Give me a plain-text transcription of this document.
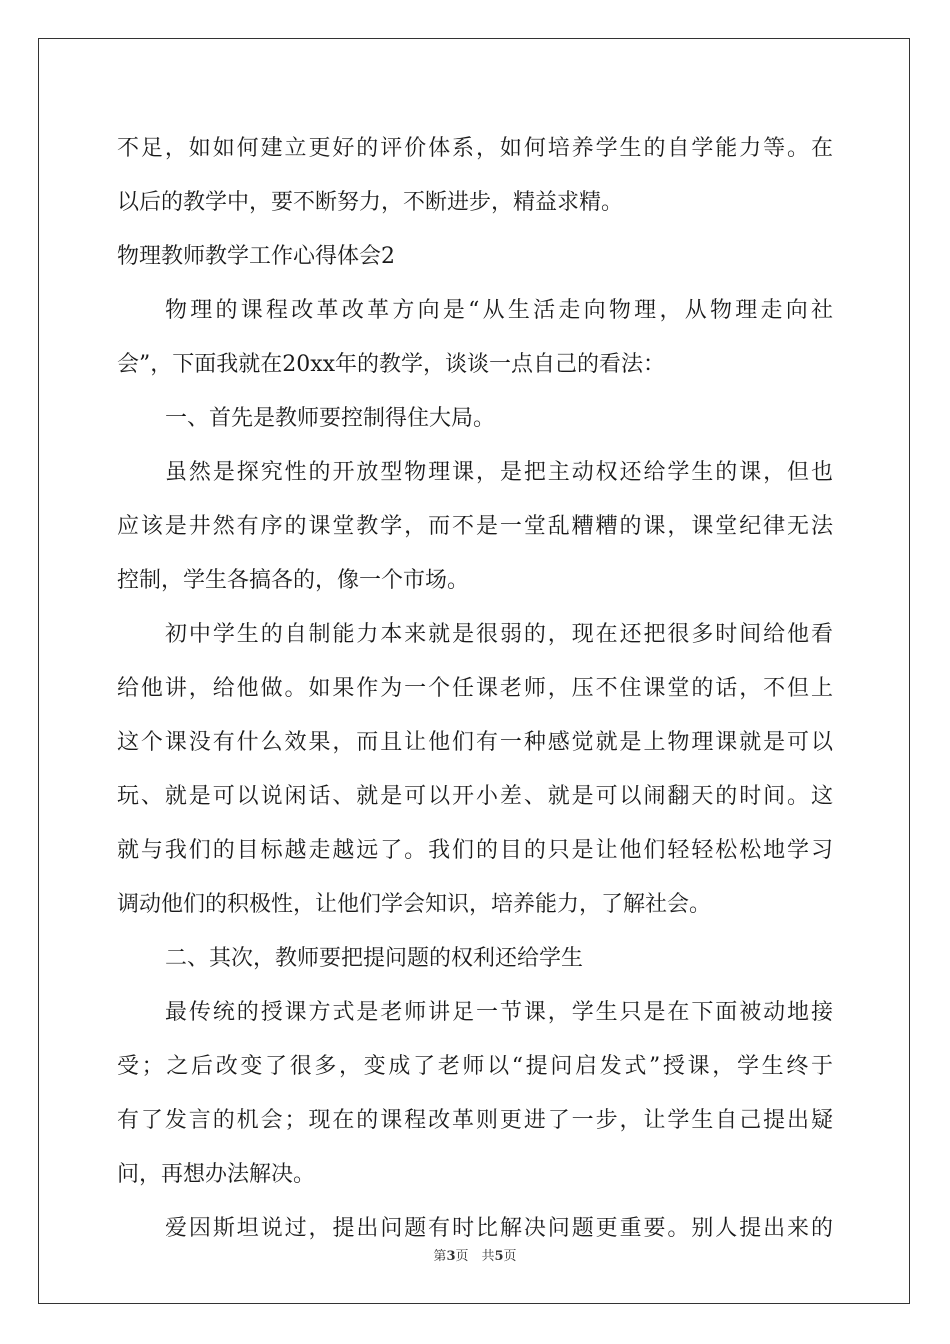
不足，如如何建立更好的评价体系，如何培养学生的自学能力等。在

以后的教学中，要不断努力，不断进步，精益求精。

物理教师教学工作心得体会2

物理的课程改革改革方向是“从生活走向物理，从物理走向社

会”，下面我就在20xx年的教学，谈谈一点自己的看法：

一、首先是教师要控制得住大局。

虽然是探究性的开放型物理课，是把主动权还给学生的课，但也

应该是井然有序的课堂教学，而不是一堂乱糟糟的课，课堂纪律无法

控制，学生各搞各的，像一个市场。

初中学生的自制能力本来就是很弱的，现在还把很多时间给他看

给他讲，给他做。如果作为一个任课老师，压不住课堂的话，不但上

这个课没有什么效果，而且让他们有一种感觉就是上物理课就是可以

玩、就是可以说闲话、就是可以开小差、就是可以闹翻天的时间。这

就与我们的目标越走越远了。我们的目的只是让他们轻轻松松地学习

调动他们的积极性，让他们学会知识，培养能力，了解社会。

二、其次，教师要把提问题的权利还给学生

最传统的授课方式是老师讲足一节课，学生只是在下面被动地接

受；之后改变了很多，变成了老师以“提问启发式”授课，学生终于

有了发言的机会；现在的课程改革则更进了一步，让学生自己提出疑

问，再想办法解决。

爱因斯坦说过，提出问题有时比解决问题更重要。别人提出来的

第3页　共5页
